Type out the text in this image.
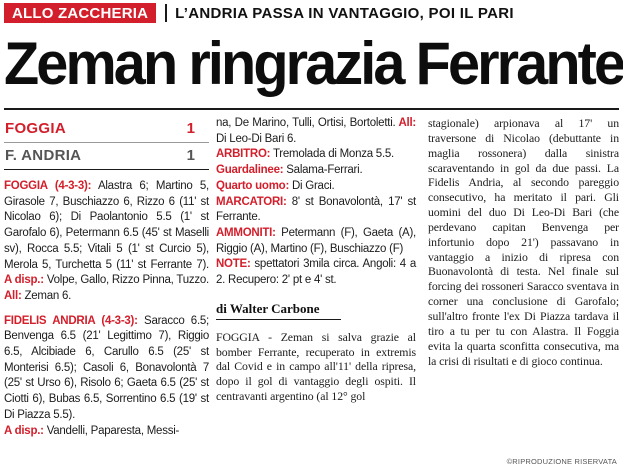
ALLO ZACCHERIA	L’ANDRIA PASSA IN VANTAGGIO, POI IL PARI
Zeman ringrazia Ferrante
FOGGIA	1
F. ANDRIA	1

FOGGIA (4-3-3): Alastra 6; Martino 5, Girasole 7, Buschiazzo 6, Rizzo 6 (11' st Nicolao 6); Di Paolantonio 5.5 (1' st Garofalo 6), Petermann 6.5 (45' st Maselli sv), Rocca 5.5; Vitali 5 (1' st Curcio 5), Merola 5, Turchetta 5 (11' st Ferrante 7). A disp.: Volpe, Gallo, Rizzo Pinna, Tuzzo. All: Zeman 6.

FIDELIS ANDRIA (4-3-3): Saracco 6.5; Benvenga 6.5 (21' Legittimo 7), Riggio 6.5, Alcibiade 6, Carullo 6.5 (25' st Monterisi 6.5); Casoli 6, Bonavolontà 7 (25' st Urso 6), Risolo 6; Gaeta 6.5 (25' st Ciotti 6), Bubas 6.5, Sorrentino 6.5 (19' st Di Piazza 5.5).

A disp.: Vandelli, Paparesta, Messi-

na, De Marino, Tulli, Ortisi, Bortoletti. All: Di Leo-Di Bari 6.

ARBITRO: Tremolada di Monza 5.5.

Guardalinee: Salama-Ferrari.

Quarto uomo: Di Graci.

MARCATORI: 8' st Bonavolontà, 17' st Ferrante.

AMMONITI: Petermann (F), Gaeta (A), Riggio (A), Martino (F), Buschiazzo (F)

NOTE: spettatori 3mila circa. Angoli: 4 a 2. Recupero: 2' pt e 4' st.

di Walter Carbone

FOGGIA - Zeman si salva grazie al bomber Ferrante, recuperato in extremis dal Covid e in campo all'11' della ripresa, dopo il gol di vantaggio degli ospiti. Il centravanti argentino (al 12° gol

stagionale) arpionava al 17' un traversone di Nicolao (debuttante in maglia rossonera) dalla sinistra scaraventando in gol da due passi. La Fidelis Andria, al secondo pareggio consecutivo, ha meritato il pari. Gli uomini del duo Di Leo-Di Bari (che perdevano capitan Benvenga per infortunio dopo 21') passavano in vantaggio a inizio di ripresa con Buonavolontà di testa. Nel finale sul forcing dei rossoneri Saracco sventava in corner una conclusione di Garofalo; sull'altro fronte l'ex Di Piazza tardava il tiro a tu per tu con Alastra. Il Foggia evita la quarta sconfitta consecutiva, ma la crisi di risultati e di gioco continua.

©RIPRODUZIONE RISERVATA
